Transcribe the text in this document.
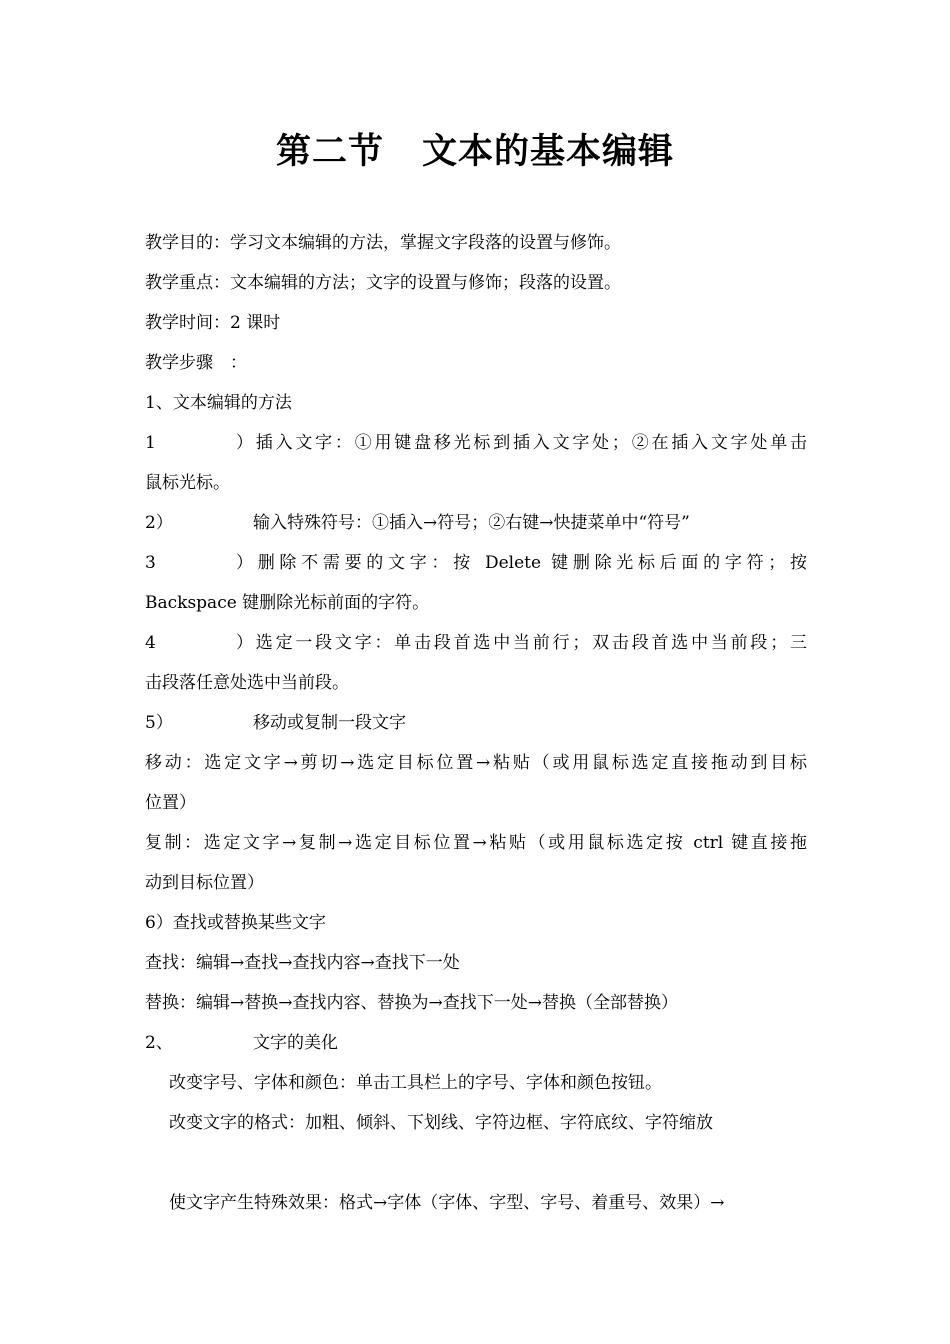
第二节 文本的基本编辑
教学目的：学习文本编辑的方法，掌握文字段落的设置与修饰。
教学重点：文本编辑的方法；文字的设置与修饰；段落的设置。
教学时间：2 课时
教学步骤　：
1、文本编辑的方法
1）插入文字：①用键盘移光标到插入文字处；②在插入文字处单击
鼠标光标。
2）	输入特殊符号：①插入→符号；②右键→快捷菜单中“符号”
3）删除不需要的文字：按 Delete 键删除光标后面的字符；按
Backspace 键删除光标前面的字符。
4）选定一段文字：单击段首选中当前行；双击段首选中当前段；三
击段落任意处选中当前段。
5）	移动或复制一段文字
移动：选定文字→剪切→选定目标位置→粘贴（或用鼠标选定直接拖动到目标
位置）
复制：选定文字→复制→选定目标位置→粘贴（或用鼠标选定按 ctrl 键直接拖
动到目标位置）
6）查找或替换某些文字
查找：编辑→查找→查找内容→查找下一处
替换：编辑→替换→查找内容、替换为→查找下一处→替换（全部替换）
2、	文字的美化
改变字号、字体和颜色：单击工具栏上的字号、字体和颜色按钮。
改变文字的格式：加粗、倾斜、下划线、字符边框、字符底纹、字符缩放
使文字产生特殊效果：格式→字体（字体、字型、字号、着重号、效果）→
